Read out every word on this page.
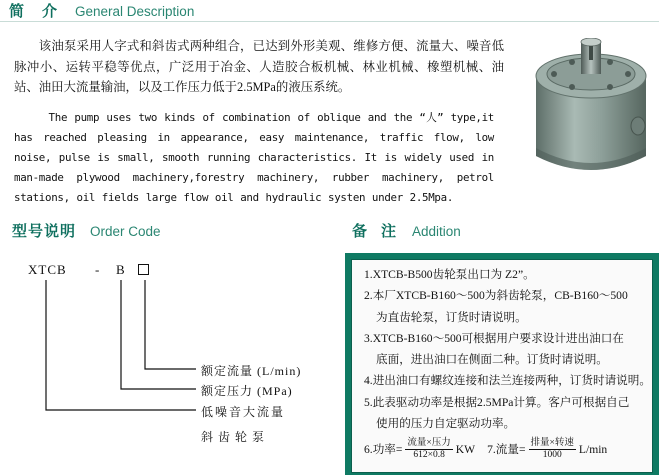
简介 General Description

该油泵采用人字式和斜齿式两种组合，已达到外形美观、维修方便、流量大、噪音低脉冲小、运转平稳等优点，广泛用于冶金、人造胶合板机械、林业机械、橡塑机械、油站、油田大流量输油，以及工作压力低于2.5MPa的液压系统。

The pump uses two kinds of combination of oblique and the “人” type,it has reached pleasing in appearance, easy maintenance, traffic flow, low noise, pulse is small, smooth running characteristics. It is widely used in man-made plywood machinery,forestry machinery, rubber machinery, petrol stations, oil fields large flow oil and hydraulic systen under 2.5Mpa.

型号说明 Order Code
XTCB - B
额定流量 (L/min)
额定压力 (MPa)
低噪音大流量
斜齿轮泵
备注 Addition
1.XTCB-B500齿轮泵出口为 Z2”。
2.本厂XTCB-B160～500为斜齿轮泵，CB-B160～500
为直齿轮泵，订货时请说明。
3.XTCB-B160～500可根据用户要求设计进出油口在
底面，进出油口在侧面二种。订货时请说明。
4.进出油口有螺纹连接和法兰连接两种，订货时请说明。
5.此表驱动功率是根据2.5MPa计算。客户可根据自己
使用的压力自定驱动功率。
6.功率= $\frac{\text{流量×压力}}{612\times 0.8}$ KW 7.流量= $\frac{\text{排量×转速}}{1000} L/\min$
